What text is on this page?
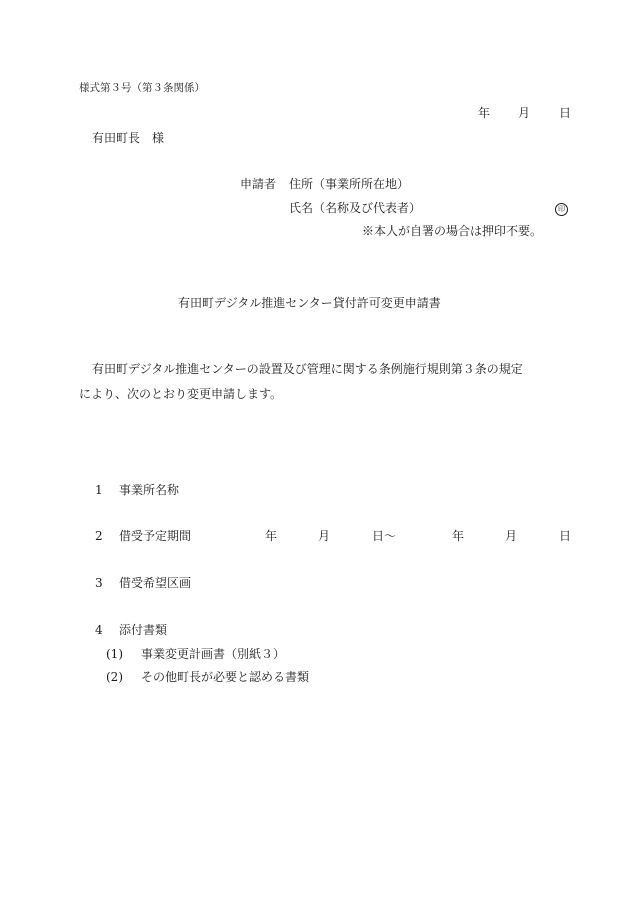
様式第３号（第３条関係）
年 月 日
有田町長　様
申請者 住所（事業所所在地）
氏名（名称及び代表者）	印
※本人が自署の場合は押印不要。
有田町デジタル推進センター貸付許可変更申請書
有田町デジタル推進センターの設置及び管理に関する条例施行規則第３条の規定
により、次のとおり変更申請します。
1 事業所名称
2 借受予定期間	年	月	日～	年	月	日
3 借受希望区画
4 添付書類
(1) 事業変更計画書（別紙３）
(2) その他町長が必要と認める書類
